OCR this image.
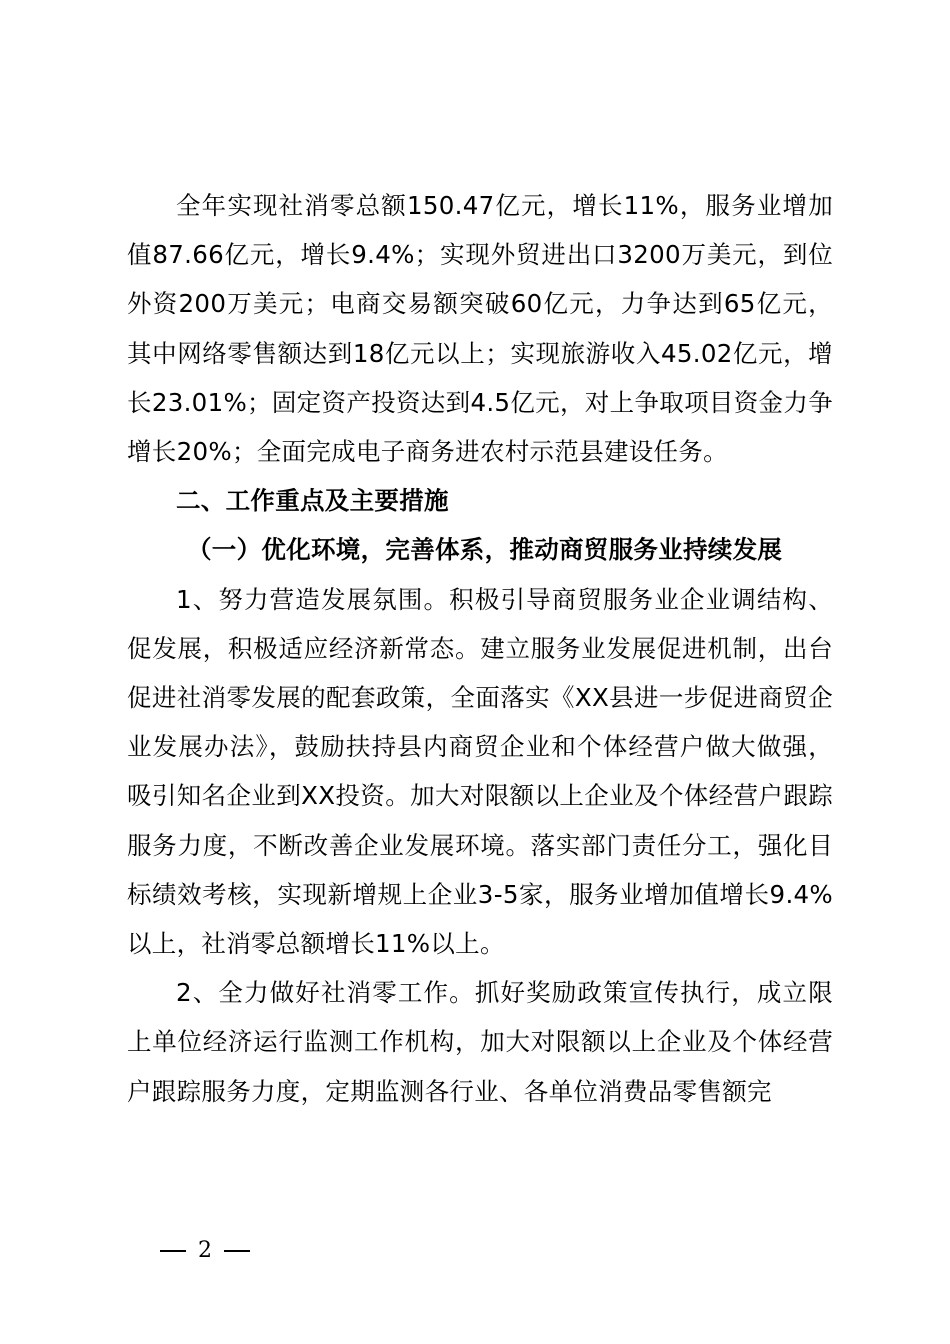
全年实现社消零总额150.47亿元，增长11%，服务业增加值87.66亿元，增长9.4%；实现外贸进出口3200万美元，到位外资200万美元；电商交易额突破60亿元，力争达到65亿元，其中网络零售额达到18亿元以上；实现旅游收入45.02亿元，增长23.01%；固定资产投资达到4.5亿元，对上争取项目资金力争增长20%；全面完成电子商务进农村示范县建设任务。

二、工作重点及主要措施

（一）优化环境，完善体系，推动商贸服务业持续发展

1、努力营造发展氛围。积极引导商贸服务业企业调结构、促发展，积极适应经济新常态。建立服务业发展促进机制，出台促进社消零发展的配套政策，全面落实《XX县进一步促进商贸企业发展办法》，鼓励扶持县内商贸企业和个体经营户做大做强，吸引知名企业到XX投资。加大对限额以上企业及个体经营户跟踪服务力度，不断改善企业发展环境。落实部门责任分工，强化目标绩效考核，实现新增规上企业3-5家，服务业增加值增长9.4%以上，社消零总额增长11%以上。

2、全力做好社消零工作。抓好奖励政策宣传执行，成立限上单位经济运行监测工作机构，加大对限额以上企业及个体经营户跟踪服务力度，定期监测各行业、各单位消费品零售额完

2
